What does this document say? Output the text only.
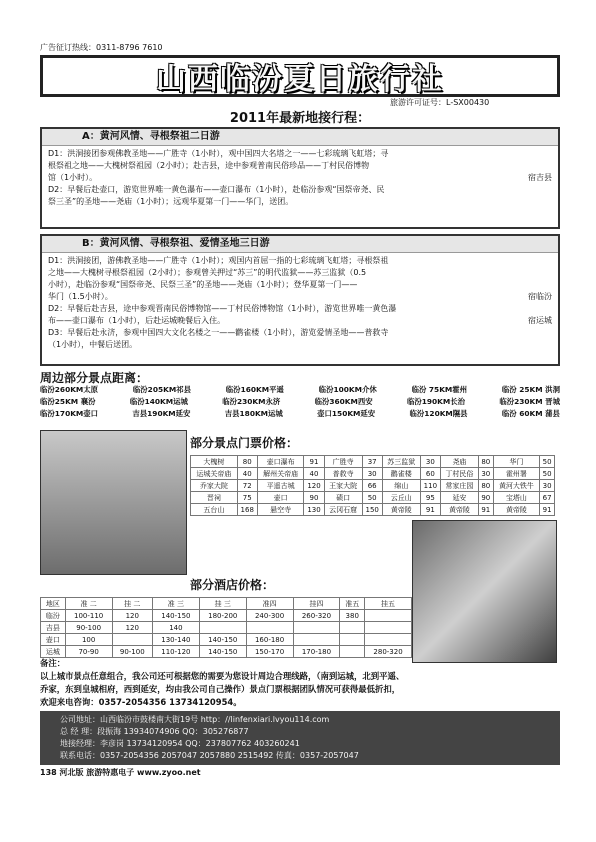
广告征订热线：0311-8796 7610
山西临汾夏日旅行社
旅游许可证号：L-SX00430
2011年最新地接行程：
A：黄河风情、寻根祭祖二日游
D1：洪洞接团参观佛教圣地——广胜寺（1小时），观中国四大名塔之一——七彩琉璃飞虹塔；寻
根祭祖之地——大槐树祭祖园（2小时）；赴吉县，途中参观普南民俗珍品——丁村民俗博物
馆（1小时）。	宿吉县
D2：早餐后赴壶口，游览世界唯一黄色瀑布——壶口瀑布（1小时），赴临汾参观“国祭帝尧、民
祭三圣”的圣地——尧庙（1小时）；远观华夏第一门——华门，送团。
B：黄河风情、寻根祭祖、爱情圣地三日游
D1：洪洞接团，游佛教圣地——广胜寺（1小时）；观国内首屈一指的七彩琉璃飞虹塔；寻根祭祖
之地——大槐树寻根祭祖园（2小时）；参观曾关押过“苏三”的明代监狱——苏三监狱（0.5
小时），赴临汾参观“国祭帝尧、民祭三圣”的圣地——尧庙（1小时）；登华夏第一门——
华门（1.5小时）。	宿临汾
D2：早餐后赴吉县，途中参观晋南民俗博物馆——丁村民俗博物馆（1小时），游览世界唯一黄色瀑
布——壶口瀑布（1小时），后赴运城晚餐后入住。	宿运城
D3：早餐后赴永济，参观中国四大文化名楼之一——鹳雀楼（1小时），游览爱情圣地——普救寺
（1小时），中餐后送团。
周边部分景点距离：
临汾260KM太原	临汾205KM祁县	临汾160KM平遥	临汾100KM介休	临汾 75KM霍州	临汾 25KM 洪洞
临汾25KM 襄汾	临汾140KM运城	临汾230KM永济	临汾360KM西安	临汾190KM长治	临汾230KM 晋城
临汾170KM壶口	吉县190KM延安	吉县180KM运城	壶口150KM延安	临汾120KM隰县	临汾 60KM 蒲县
部分景点门票价格：
大槐树	80	壶口瀑布	91	广胜寺	37	苏三监狱	30	尧庙	80	华门	50
运城关帝庙	40	解州关帝庙	40	普救寺	30	鹳雀楼	60	丁村民俗	30	霍州署	50
乔家大院	72	平遥古城	120	王家大院	66	绵山	110	常家庄园	80	黄河大铁牛	30
晋祠	75	壶口	90	碛口	50	云丘山	95	延安	90	宝塔山	67
五台山	168	悬空寺	130	云冈石窟	150	黄帝陵	91	黄帝陵	91	黄帝陵	91
部分酒店价格：
地区	准 二	挂 二	准 三	挂 三	准四	挂四	准五	挂五
临汾	100-110	120	140-150	180-200	240-300	260-320	380	
吉县	90-100	120	140					
壶口	100		130-140	140-150	160-180			
运城	70-90	90-100	110-120	140-150	150-170	170-180		280-320
备注：
以上城市景点任意组合，我公司还可根据您的需要为您设计周边合理线路，（南到运城，北到平遥、
乔家，东到皇城相府，西到延安，均由我公司自己操作）景点门票根据团队情况可获得最低折扣，
欢迎来电咨询：0357-2054356 13734120954。
公司地址：山西临汾市鼓楼南大街19号 http：//linfenxiari.lvyou114.com
总 经 理：段振海 13934074906 QQ：305276877
地接经理：李彦岗 13734120954 QQ：237807762 403260241
联系电话：0357-2054356 2057047 2057880 2515492 传真：0357-2057047
138 河北版 旅游特惠电子 www.zyoo.net
